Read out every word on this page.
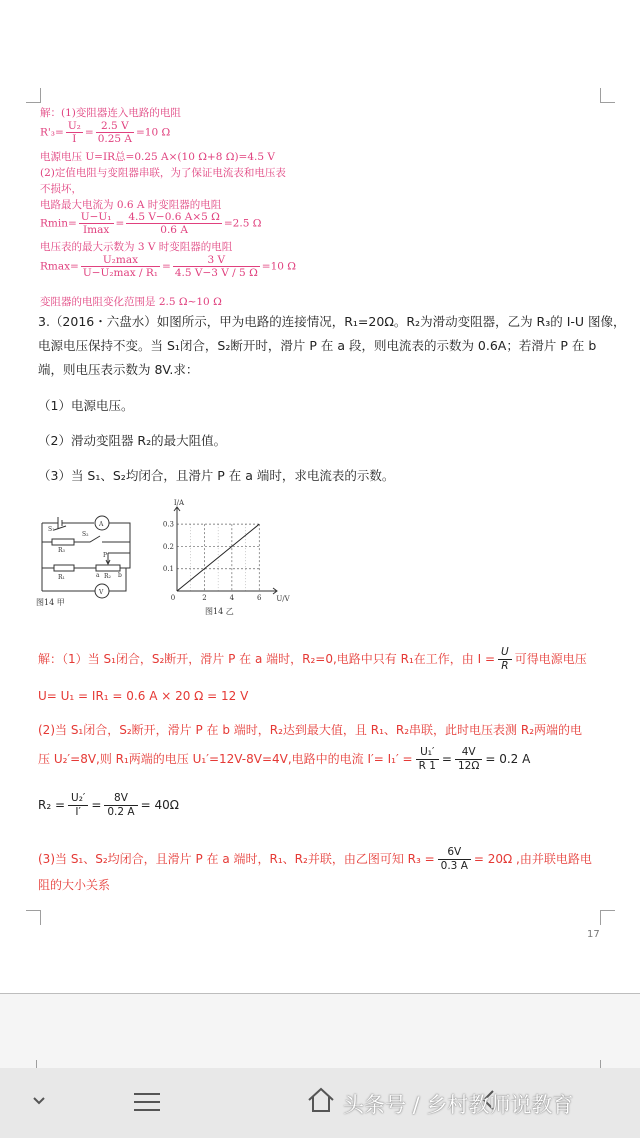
解：(1)变阻器连入电路的电阻
$R'_3= \frac{\text{U₂}}{I} = \frac{2.5 V}{0.25 A} =10$ Ω
电源电压 U=IR总=0.25 A×(10 Ω+8 Ω)=4.5 V
(2)定值电阻与变阻器串联，为了保证电流表和电压表
不损坏，
电路最大电流为 0.6 A 时变阻器的电阻
$Rmin= \frac{\text{U−U₁}}{Imax} = \frac{4.5 V-0.6 A\times 5 \Omega}{0.6 A} =2.5$ Ω
电压表的最大示数为 3 V 时变阻器的电阻
$Rmax= \frac{\text{U₂max}}{\text{U−U₂max / R₁}} = \frac{3 V}{4.5 V-3 V / 5 \Omega} =10$ Ω
变阻器的电阻变化范围是 2.5 Ω∼10 Ω
3.（2016・六盘水）如图所示，甲为电路的连接情况，R₁=20Ω。R₂为滑动变阻器，乙为 R₃的 I-U 图像，
电源电压保持不变。当 S₁闭合，S₂断开时，滑片 P 在 a 段，则电流表的示数为 0.6A；若滑片 P 在 b
端，则电压表示数为 8V.求：
（1）电源电压。
（2）滑动变阻器 R₂的最大阻值。
（3）当 S₁、S₂均闭合，且滑片 P 在 a 端时，求电流表的示数。
A
S₁
S₂
R₃
R₁
P
a R₂ b
V
图14 甲	0	2	4	6
0.1
0.2
0.3
U/V
I/A
图14 乙
解：（1）当 S₁闭合，S₂断开，滑片 P 在 a 端时，R₂=0,电路中只有 R₁在工作，由 $I = \frac{U}{R}$ 可得电源电压
U= U₁ = IR₁ = 0.6 A × 20 Ω = 12 V
(2)当 S₁闭合，S₂断开，滑片 P 在 b 端时，R₂达到最大值，且 R₁、R₂串联，此时电压表测 R₂两端的电
压 U₂′=8V,则 R₁两端的电压 U₁′=12V-8V=4V,电路中的电流 $I'= I_1' = \frac{\text{U₁′}}{R 1} = \frac{4V}{12\Omega} = 0.2$ A
$R_2 = \frac{\text{U₂′}}{I'} = \frac{8V}{0.2 A} = 40\Omega$
(3)当 S₁、S₂均闭合，且滑片 P 在 a 端时，R₁、R₂并联，由乙图可知 $R_3 = \frac{6V}{0.3 A} = 20\Omega$ ,由并联电路电
阻的大小关系
17
头条号 / 乡村教师说教育
